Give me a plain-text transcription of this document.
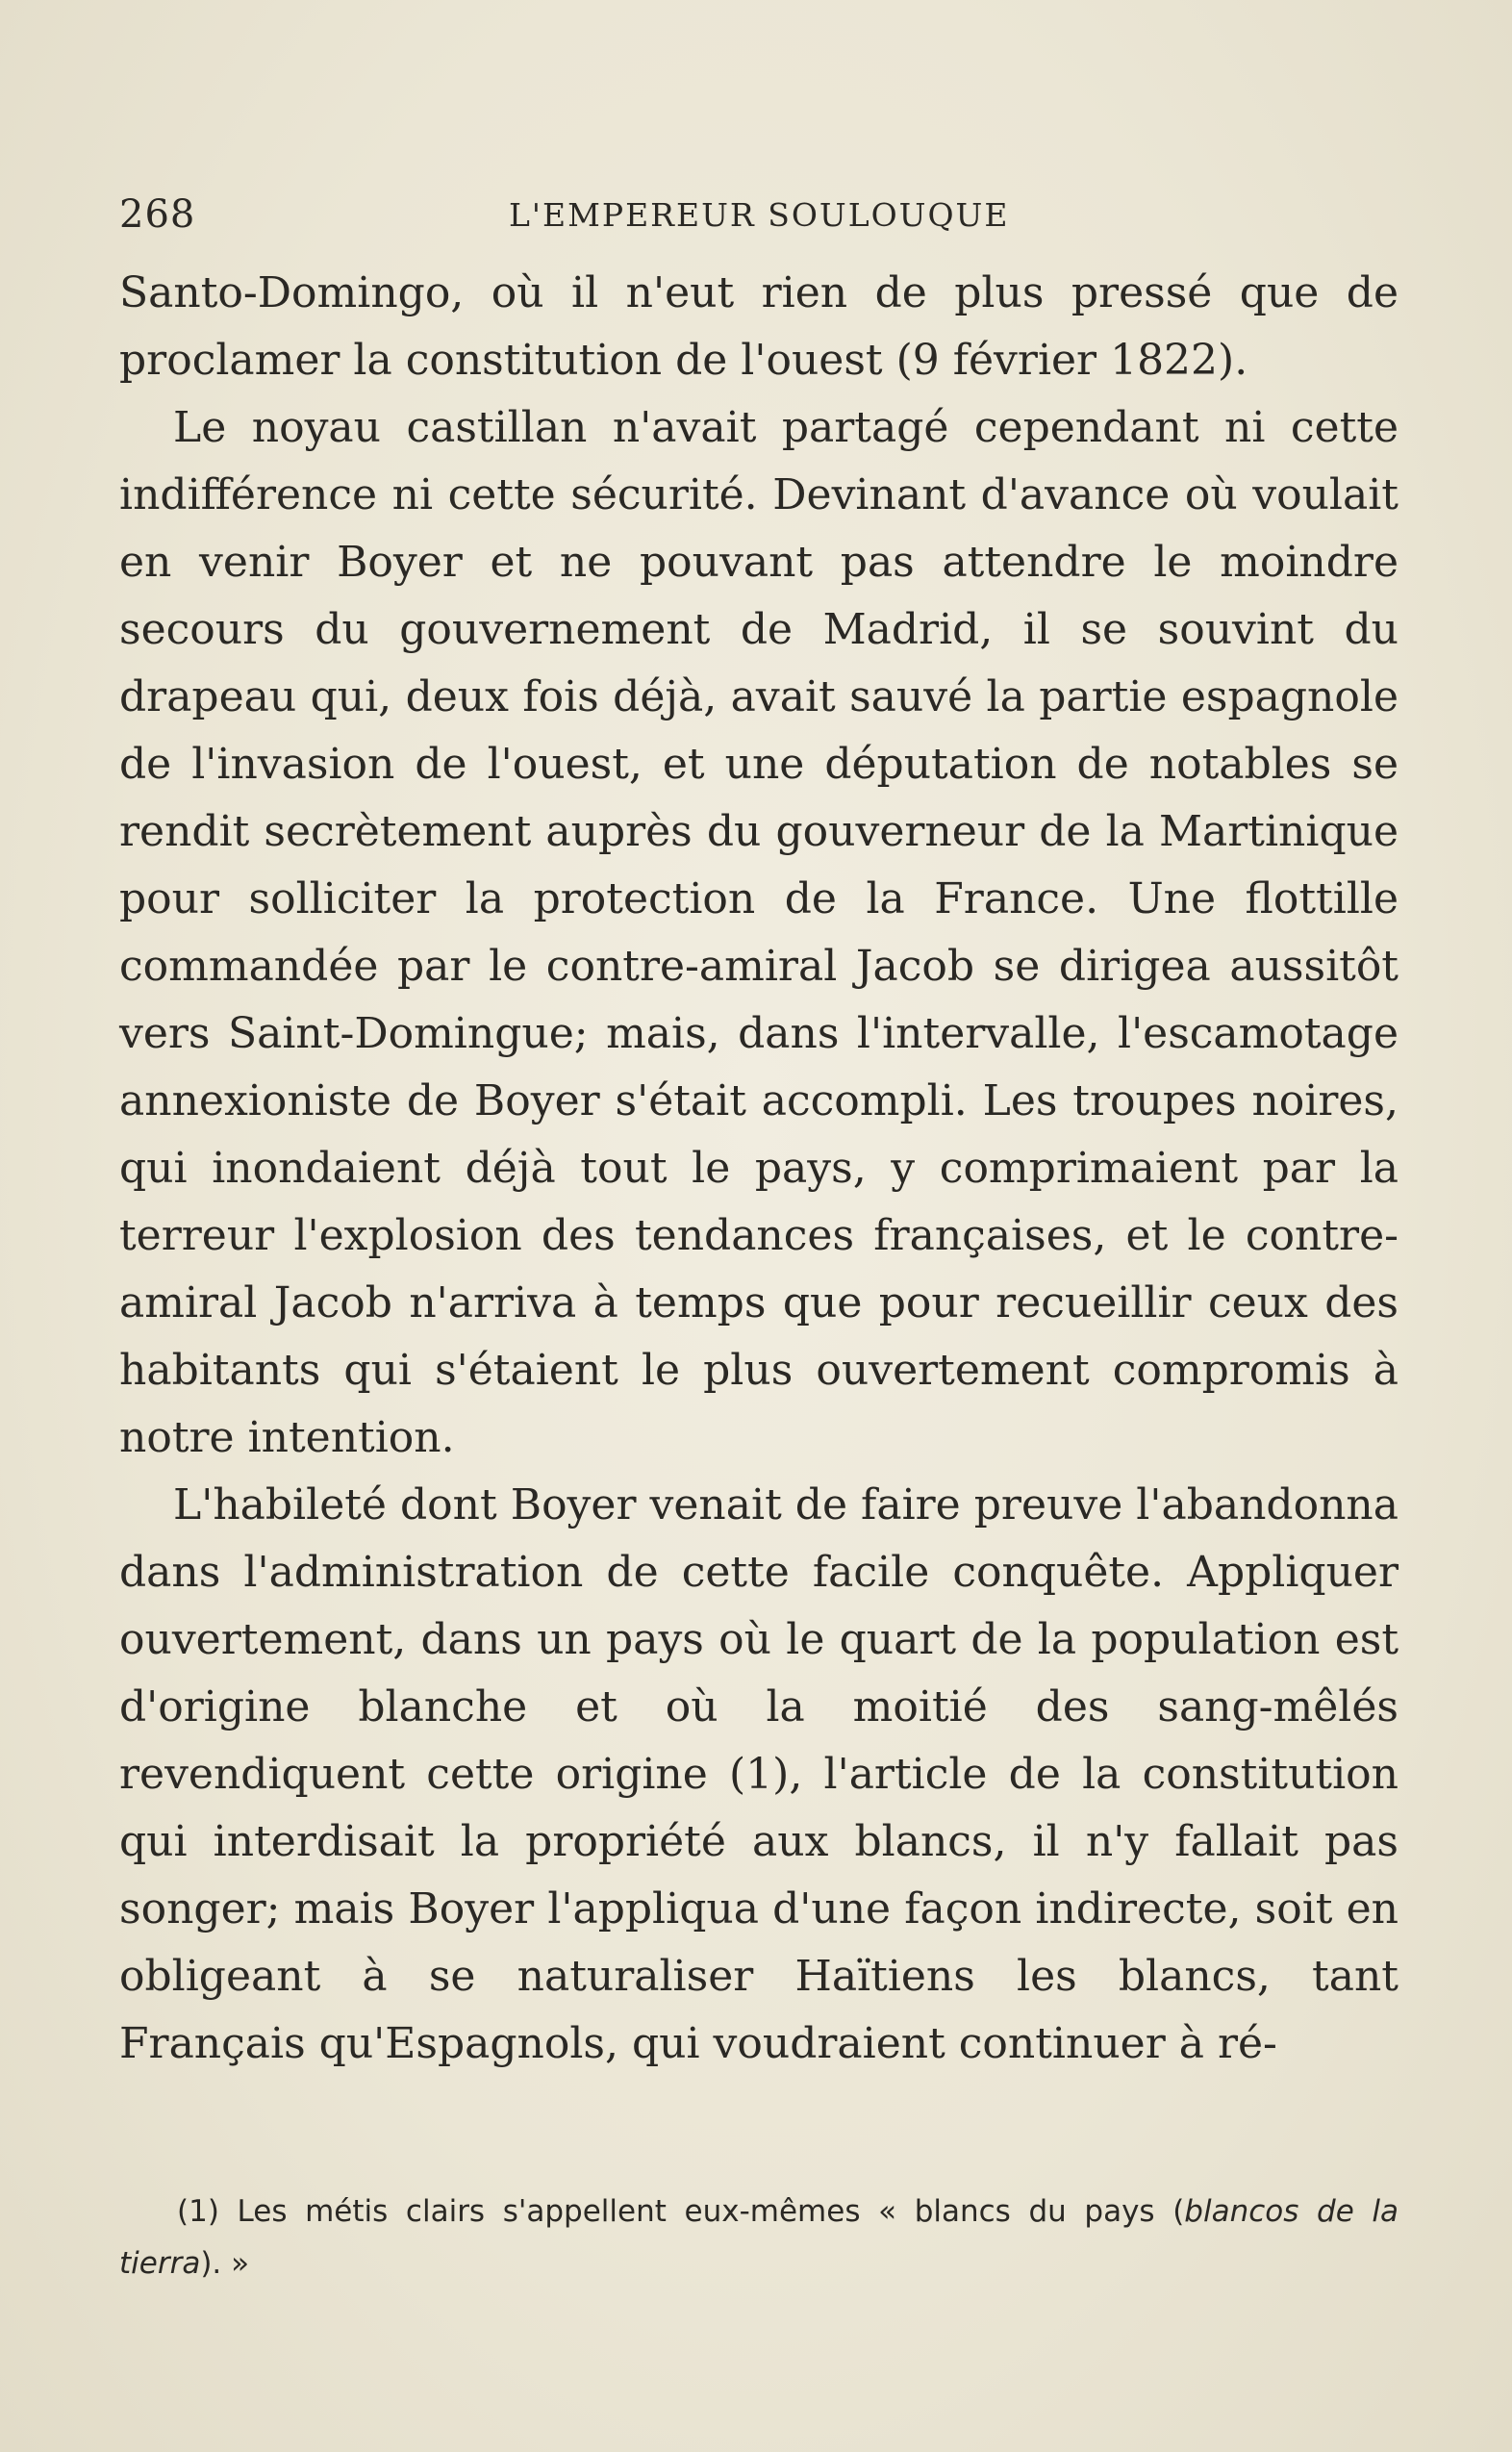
268	L'EMPEREUR SOULOUQUE

Santo-Domingo, où il n'eut rien de plus pressé que de proclamer la constitution de l'ouest (9 février 1822).

Le noyau castillan n'avait partagé cependant ni cette indifférence ni cette sécurité. Devinant d'avance où voulait en venir Boyer et ne pouvant pas attendre le moindre secours du gouvernement de Madrid, il se souvint du drapeau qui, deux fois déjà, avait sauvé la partie espagnole de l'invasion de l'ouest, et une députation de notables se rendit secrètement auprès du gouverneur de la Martinique pour solliciter la protection de la France. Une flottille commandée par le contre-amiral Jacob se dirigea aussitôt vers Saint-Domingue; mais, dans l'intervalle, l'escamotage annexioniste de Boyer s'était accompli. Les troupes noires, qui inondaient déjà tout le pays, y comprimaient par la terreur l'explosion des tendances françaises, et le contre-amiral Jacob n'arriva à temps que pour recueillir ceux des habitants qui s'étaient le plus ouvertement compromis à notre intention.

L'habileté dont Boyer venait de faire preuve l'abandonna dans l'administration de cette facile conquête. Appliquer ouvertement, dans un pays où le quart de la population est d'origine blanche et où la moitié des sang-mêlés revendiquent cette origine (1), l'article de la constitution qui interdisait la propriété aux blancs, il n'y fallait pas songer; mais Boyer l'appliqua d'une façon indirecte, soit en obligeant à se naturaliser Haïtiens les blancs, tant Français qu'Espagnols, qui voudraient continuer à ré-

(1) Les métis clairs s'appellent eux-mêmes « blancs du pays (blancos de la tierra). »
